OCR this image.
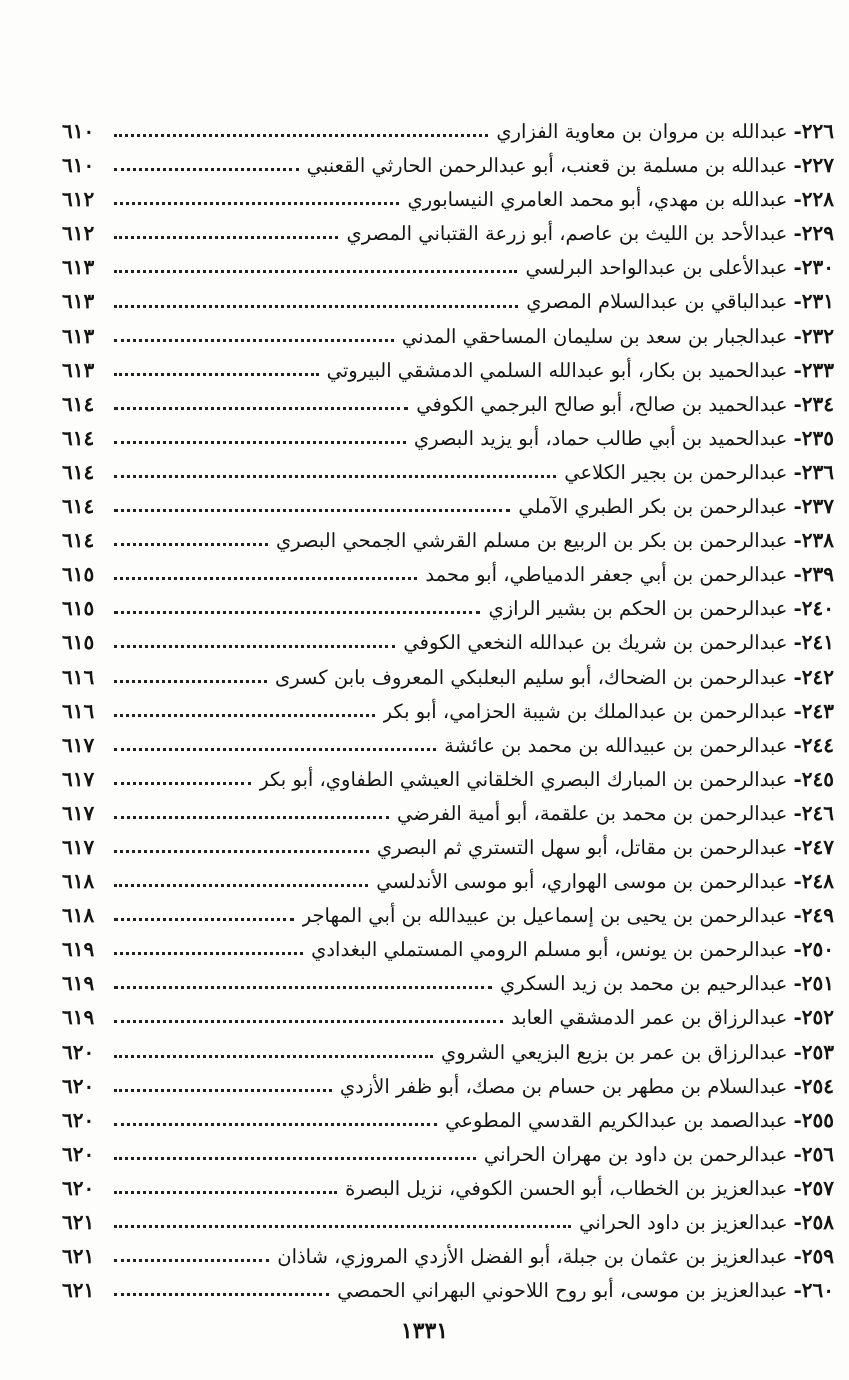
٢٢٦
-
عبدالله بن مروان بن معاوية الفزاري
٦١٠
٢٢٧
-
عبدالله بن مسلمة بن قعنب، أبو عبدالرحمن الحارثي القعنبي
٦١٠
٢٢٨
-
عبدالله بن مهدي، أبو محمد العامري النيسابوري
٦١٢
٢٢٩
-
عبدالأحد بن الليث بن عاصم، أبو زرعة القتباني المصري
٦١٢
٢٣٠
-
عبدالأعلى بن عبدالواحد البرلسي
٦١٣
٢٣١
-
عبدالباقي بن عبدالسلام المصري
٦١٣
٢٣٢
-
عبدالجبار بن سعد بن سليمان المساحقي المدني
٦١٣
٢٣٣
-
عبدالحميد بن بكار، أبو عبدالله السلمي الدمشقي البيروتي
٦١٣
٢٣٤
-
عبدالحميد بن صالح، أبو صالح البرجمي الكوفي
٦١٤
٢٣٥
-
عبدالحميد بن أبي طالب حماد، أبو يزيد البصري
٦١٤
٢٣٦
-
عبدالرحمن بن بجير الكلاعي
٦١٤
٢٣٧
-
عبدالرحمن بن بكر الطبري الآملي
٦١٤
٢٣٨
-
عبدالرحمن بن بكر بن الربيع بن مسلم القرشي الجمحي البصري
٦١٤
٢٣٩
-
عبدالرحمن بن أبي جعفر الدمياطي، أبو محمد
٦١٥
٢٤٠
-
عبدالرحمن بن الحكم بن بشير الرازي
٦١٥
٢٤١
-
عبدالرحمن بن شريك بن عبدالله النخعي الكوفي
٦١٥
٢٤٢
-
عبدالرحمن بن الضحاك، أبو سليم البعلبكي المعروف بابن كسرى
٦١٦
٢٤٣
-
عبدالرحمن بن عبدالملك بن شيبة الحزامي، أبو بكر
٦١٦
٢٤٤
-
عبدالرحمن بن عبيدالله بن محمد بن عائشة
٦١٧
٢٤٥
-
عبدالرحمن بن المبارك البصري الخلقاني العيشي الطفاوي، أبو بكر
٦١٧
٢٤٦
-
عبدالرحمن بن محمد بن علقمة، أبو أمية الفرضي
٦١٧
٢٤٧
-
عبدالرحمن بن مقاتل، أبو سهل التستري ثم البصري
٦١٧
٢٤٨
-
عبدالرحمن بن موسى الهواري، أبو موسى الأندلسي
٦١٨
٢٤٩
-
عبدالرحمن بن يحيى بن إسماعيل بن عبيدالله بن أبي المهاجر
٦١٨
٢٥٠
-
عبدالرحمن بن يونس، أبو مسلم الرومي المستملي البغدادي
٦١٩
٢٥١
-
عبدالرحيم بن محمد بن زيد السكري
٦١٩
٢٥٢
-
عبدالرزاق بن عمر الدمشقي العابد
٦١٩
٢٥٣
-
عبدالرزاق بن عمر بن بزيع البزيعي الشروي
٦٢٠
٢٥٤
-
عبدالسلام بن مطهر بن حسام بن مصك، أبو ظفر الأزدي
٦٢٠
٢٥٥
-
عبدالصمد بن عبدالكريم القدسي المطوعي
٦٢٠
٢٥٦
-
عبدالرحمن بن داود بن مهران الحراني
٦٢٠
٢٥٧
-
عبدالعزيز بن الخطاب، أبو الحسن الكوفي، نزيل البصرة
٦٢٠
٢٥٨
-
عبدالعزيز بن داود الحراني
٦٢١
٢٥٩
-
عبدالعزيز بن عثمان بن جبلة، أبو الفضل الأزدي المروزي، شاذان
٦٢١
٢٦٠
-
عبدالعزيز بن موسى، أبو روح اللاحوني البهراني الحمصي
٦٢١
١٣٣١
